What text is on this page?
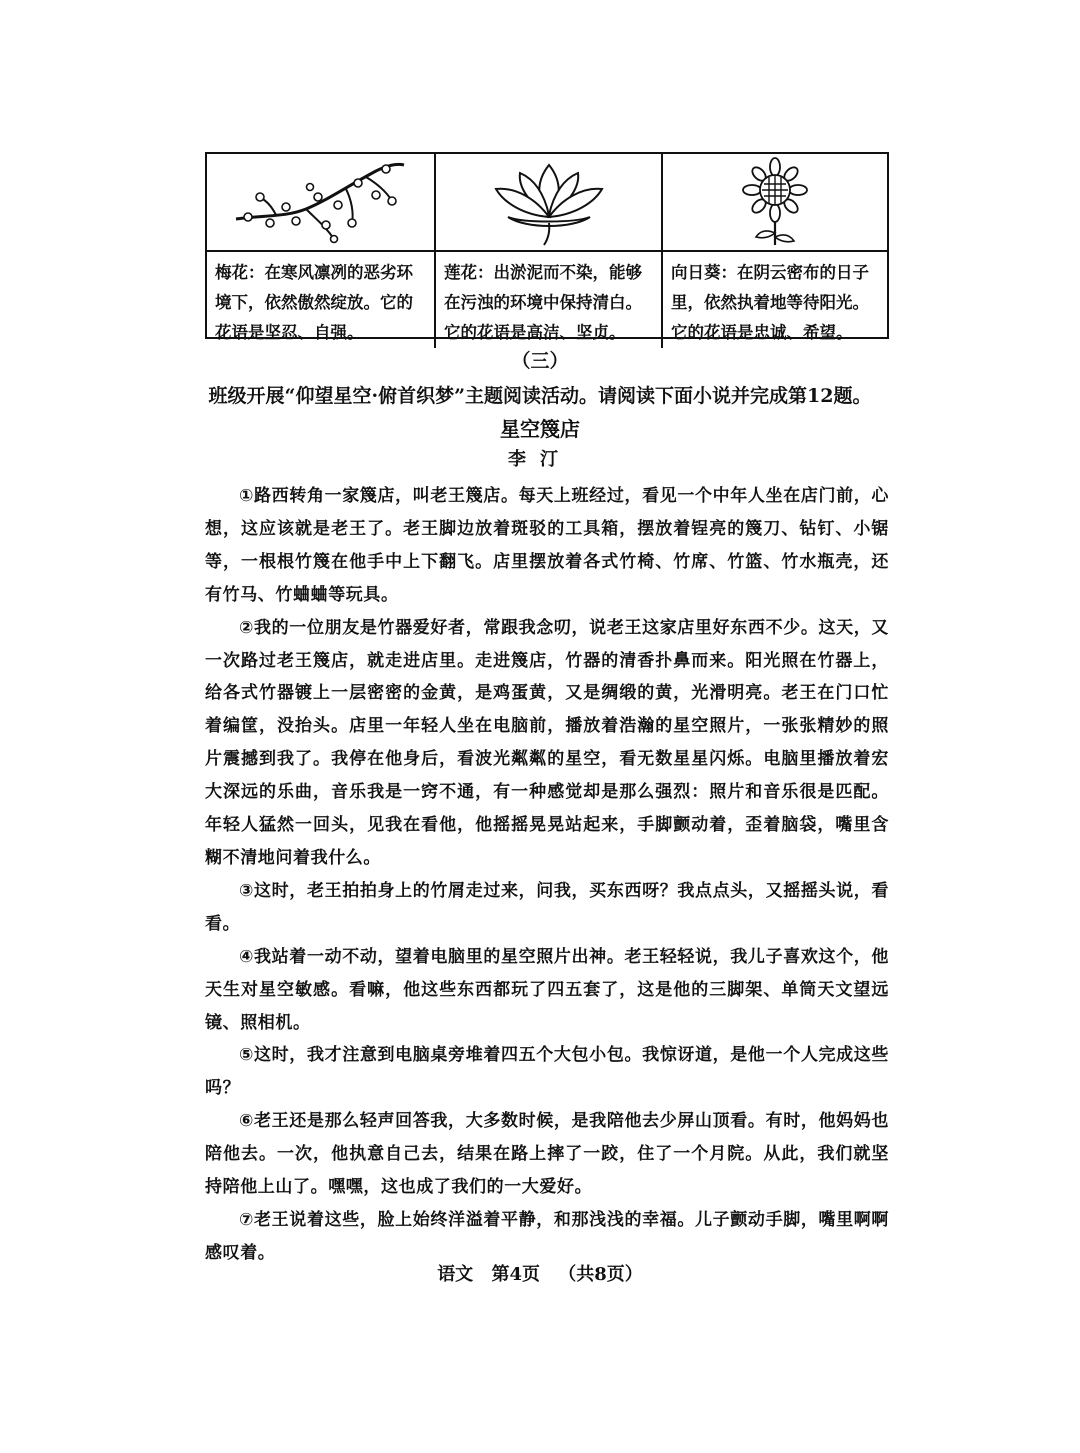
梅花：在寒风凛冽的恶劣环境下，依然傲然绽放。它的花语是坚忍、自强。
莲花：出淤泥而不染，能够在污浊的环境中保持清白。它的花语是高洁、坚贞。
向日葵：在阴云密布的日子里，依然执着地等待阳光。它的花语是忠诚、希望。
（三）
班级开展“仰望星空·俯首织梦”主题阅读活动。请阅读下面小说并完成第12题。
星空篾店
李汀

①路西转角一家篾店，叫老王篾店。每天上班经过，看见一个中年人坐在店门前，心想，这应该就是老王了。老王脚边放着斑驳的工具箱，摆放着锃亮的篾刀、钻钉、小锯等，一根根竹篾在他手中上下翻飞。店里摆放着各式竹椅、竹席、竹篮、竹水瓶壳，还有竹马、竹蛐蛐等玩具。

②我的一位朋友是竹器爱好者，常跟我念叨，说老王这家店里好东西不少。这天，又一次路过老王篾店，就走进店里。走进篾店，竹器的清香扑鼻而来。阳光照在竹器上，给各式竹器镀上一层密密的金黄，是鸡蛋黄，又是绸缎的黄，光滑明亮。老王在门口忙着编筐，没抬头。店里一年轻人坐在电脑前，播放着浩瀚的星空照片，一张张精妙的照片震撼到我了。我停在他身后，看波光粼粼的星空，看无数星星闪烁。电脑里播放着宏大深远的乐曲，音乐我是一窍不通，有一种感觉却是那么强烈：照片和音乐很是匹配。年轻人猛然一回头，见我在看他，他摇摇晃晃站起来，手脚颤动着，歪着脑袋，嘴里含糊不清地问着我什么。

③这时，老王拍拍身上的竹屑走过来，问我，买东西呀？我点点头，又摇摇头说，看看。

④我站着一动不动，望着电脑里的星空照片出神。老王轻轻说，我儿子喜欢这个，他天生对星空敏感。看嘛，他这些东西都玩了四五套了，这是他的三脚架、单筒天文望远镜、照相机。

⑤这时，我才注意到电脑桌旁堆着四五个大包小包。我惊讶道，是他一个人完成这些吗？

⑥老王还是那么轻声回答我，大多数时候，是我陪他去少屏山顶看。有时，他妈妈也陪他去。一次，他执意自己去，结果在路上摔了一跤，住了一个月院。从此，我们就坚持陪他上山了。嘿嘿，这也成了我们的一大爱好。

⑦老王说着这些，脸上始终洋溢着平静，和那浅浅的幸福。儿子颤动手脚，嘴里啊啊感叹着。

语文 第4页 （共8页）
